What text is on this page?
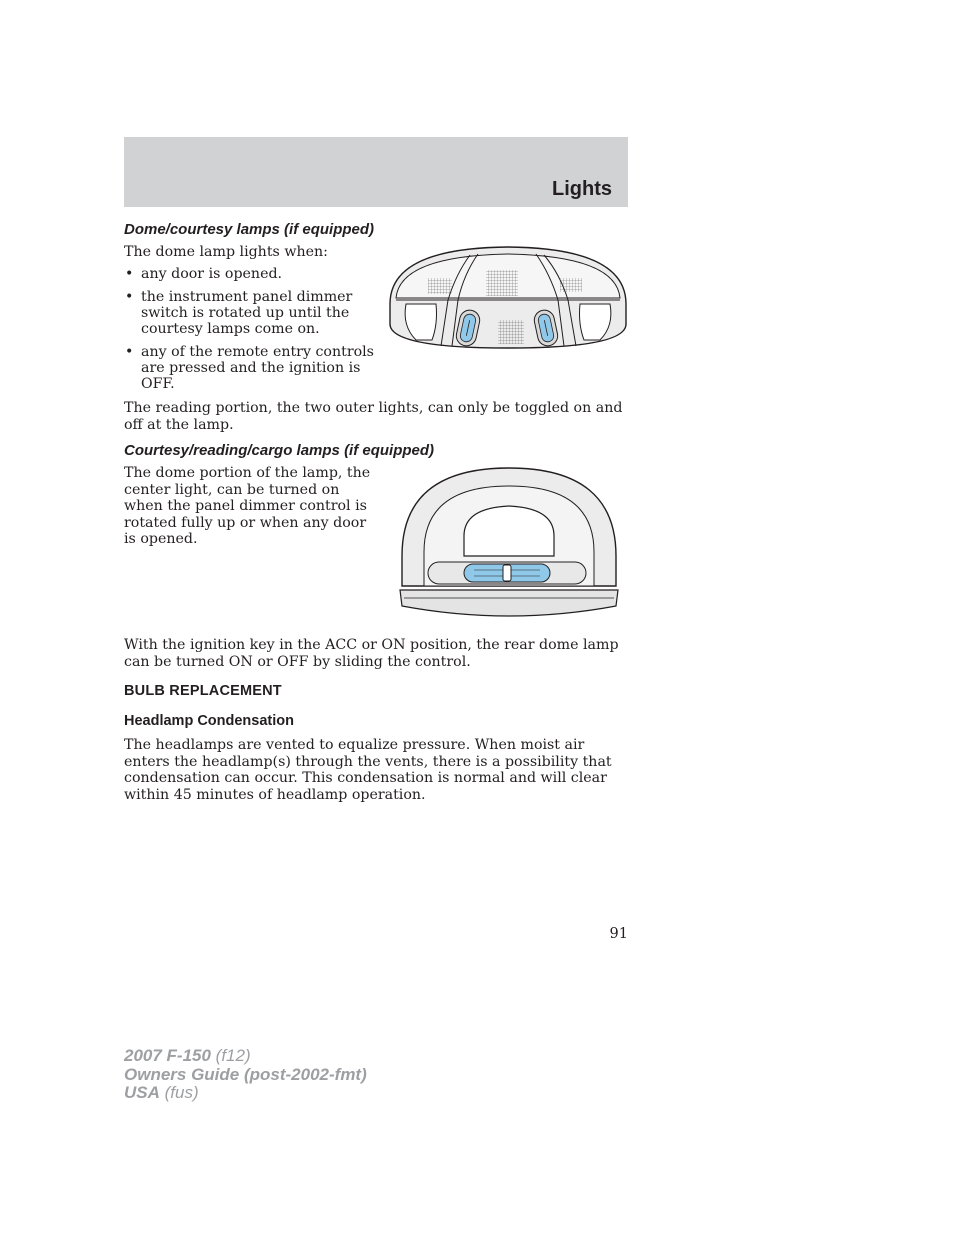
Lights
Dome/courtesy lamps (if equipped)

The dome lamp lights when:

• any door is opened.
• the instrument panel dimmer switch is rotated up until the courtesy lamps come on.
• any of the remote entry controls are pressed and the ignition is OFF.

The reading portion, the two outer lights, can only be toggled on and off at the lamp.

Courtesy/reading/cargo lamps (if equipped)

The dome portion of the lamp, the center light, can be turned on when the panel dimmer control is rotated fully up or when any door is opened.

With the ignition key in the ACC or ON position, the rear dome lamp can be turned ON or OFF by sliding the control.

BULB REPLACEMENT
Headlamp Condensation

The headlamps are vented to equalize pressure. When moist air enters the headlamp(s) through the vents, there is a possibility that condensation can occur. This condensation is normal and will clear within 45 minutes of headlamp operation.

91
2007 F-150 (f12)
Owners Guide (post-2002-fmt)
USA (fus)
